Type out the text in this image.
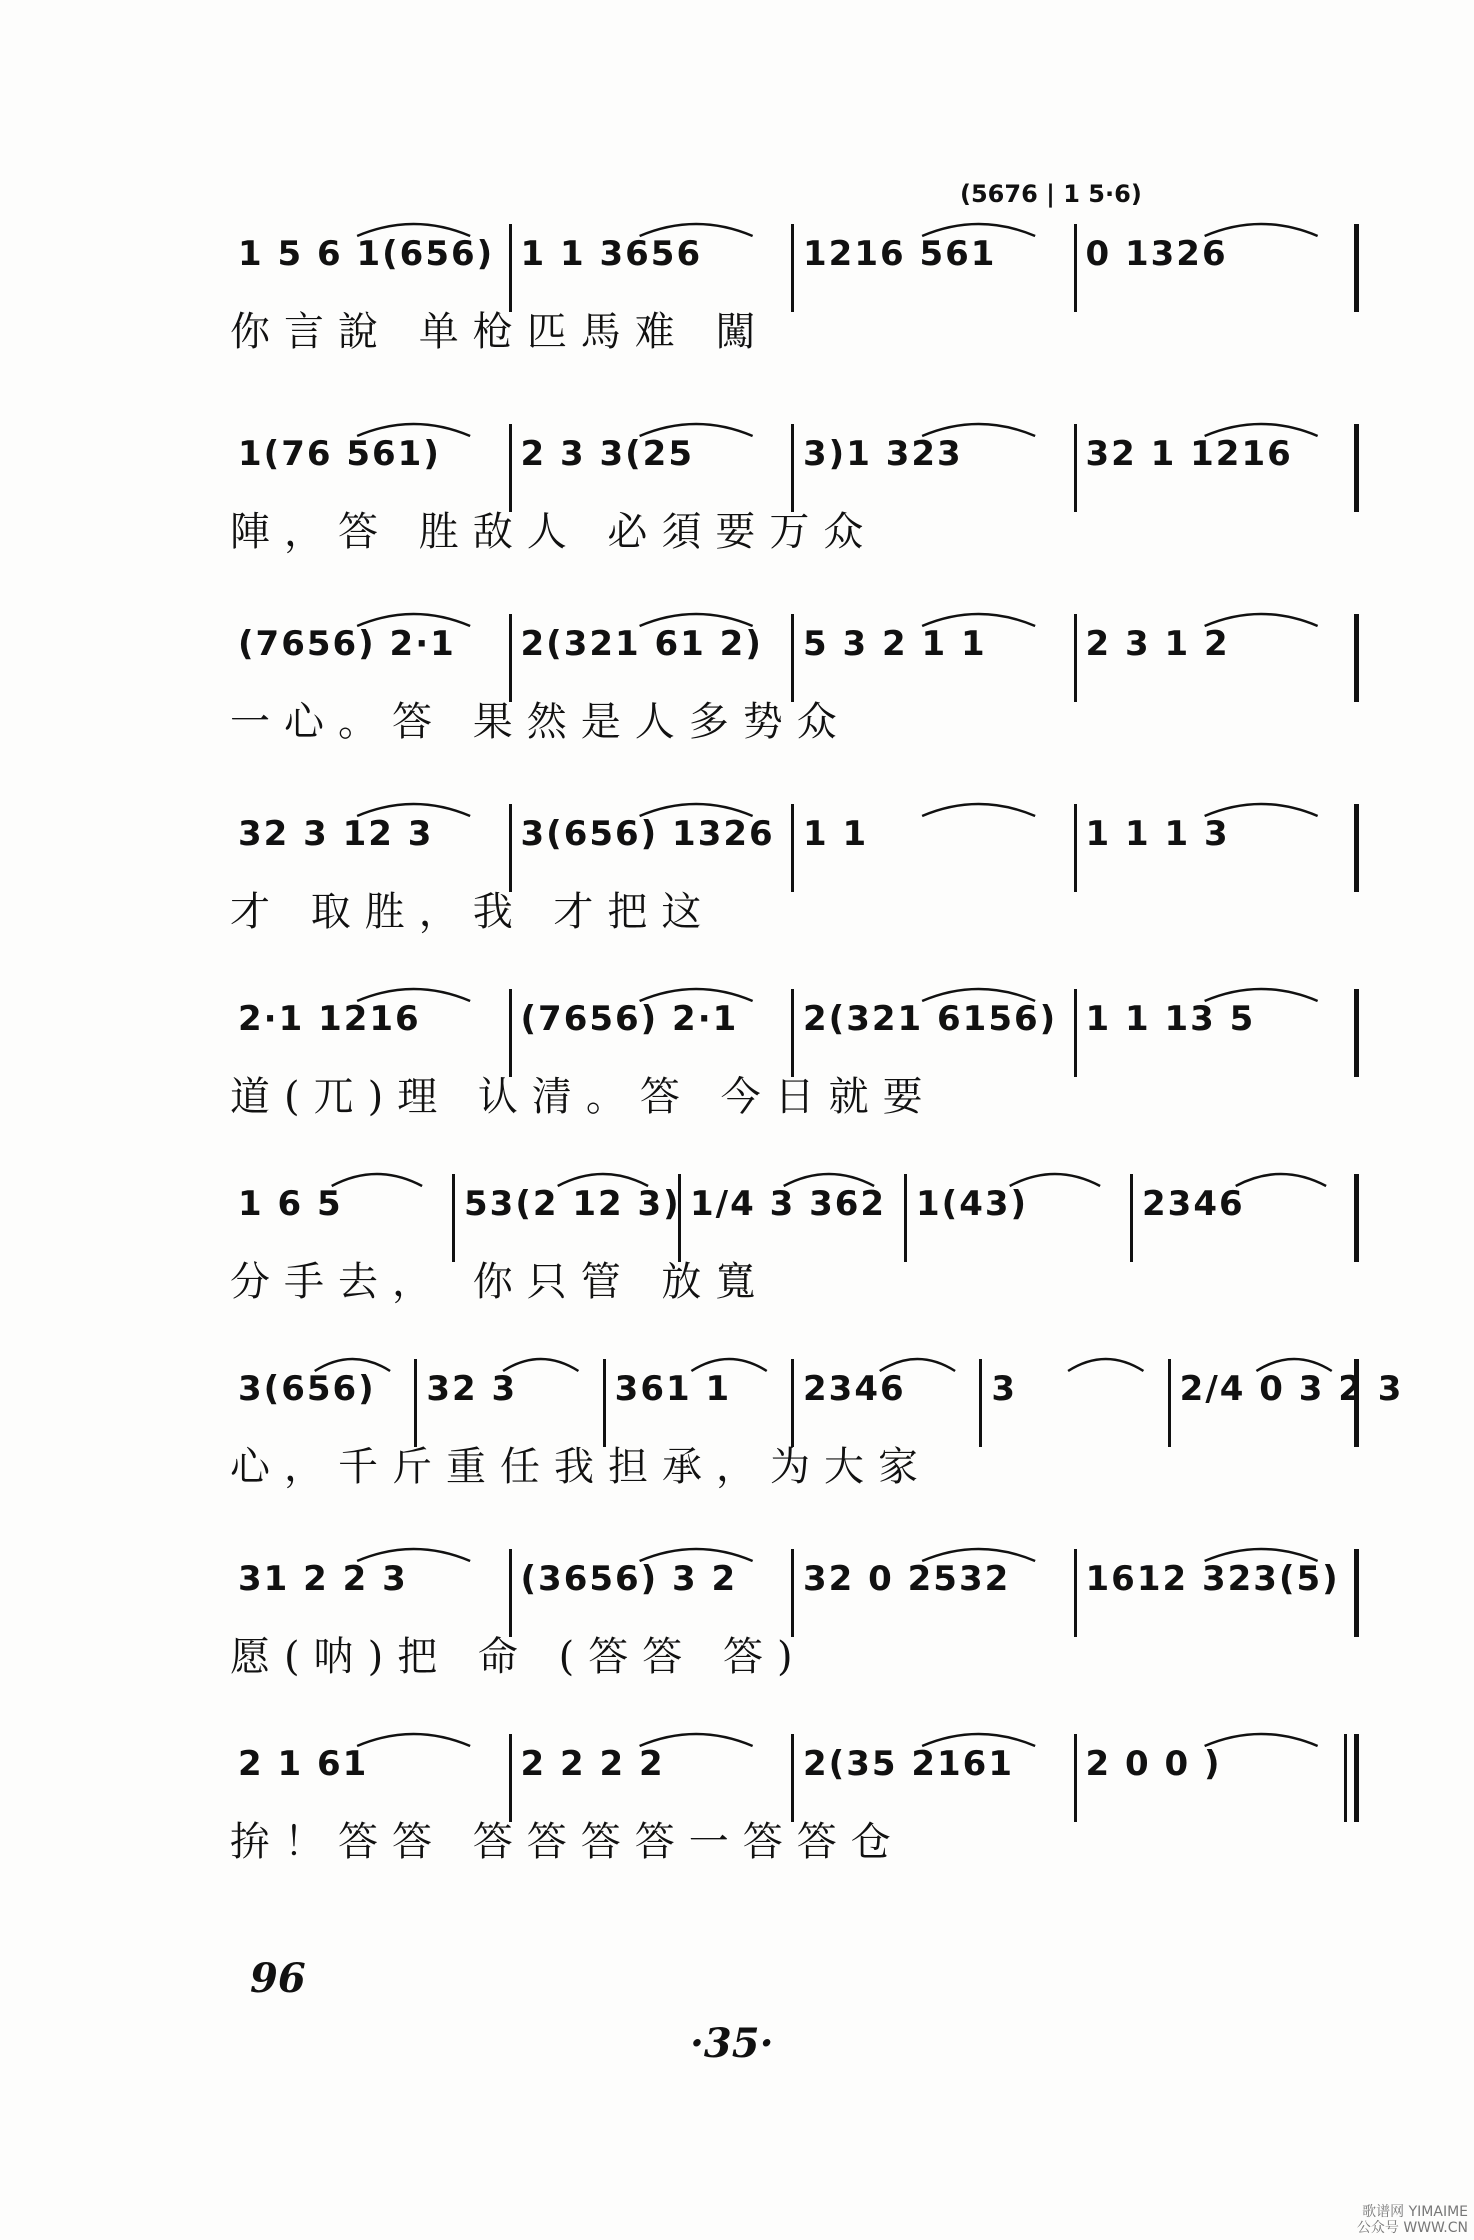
(5676 | 1 5·6)
1 5 6 1(656) 1 1 3656	1216 561	0 1326
你言說 单枪匹馬难 闖
1(76 561) 2 3 3(25	3)1 323	32 1 1216
陣，答 胜敌人 必須要万众
(7656) 2·1 2(321 61 2) 5 3 2 1 1	2 3 1 2
一心。答 果然是人多势众
32 3 12 3	3(656) 1326 1 1	1 1 1 3
才 取胜，我 才把这
2·1 1216	(7656) 2·1 2(321 6156) 1 1 13 5
道(兀)理 认清。答 今日就要
1 6 5	53(2 12 3) 1/4 3 362 1(43)	2346
分手去， 你只管 放寬
3(656) 32 3	361 1 2346	3	2/4 0 3 2 3
心，千斤重任我担承，为大家
31 2 2 3	(3656) 3 2 32 0 2532 1612 323(5)
愿(呐)把 命 (答答 答)
2 1 61	2 2 2 2	2(35 2161 2 0 0 )
拚！答答 答答答答一答答仓
96
·35·
歌谱网 YIMAIME
公众号 WWW.CN
